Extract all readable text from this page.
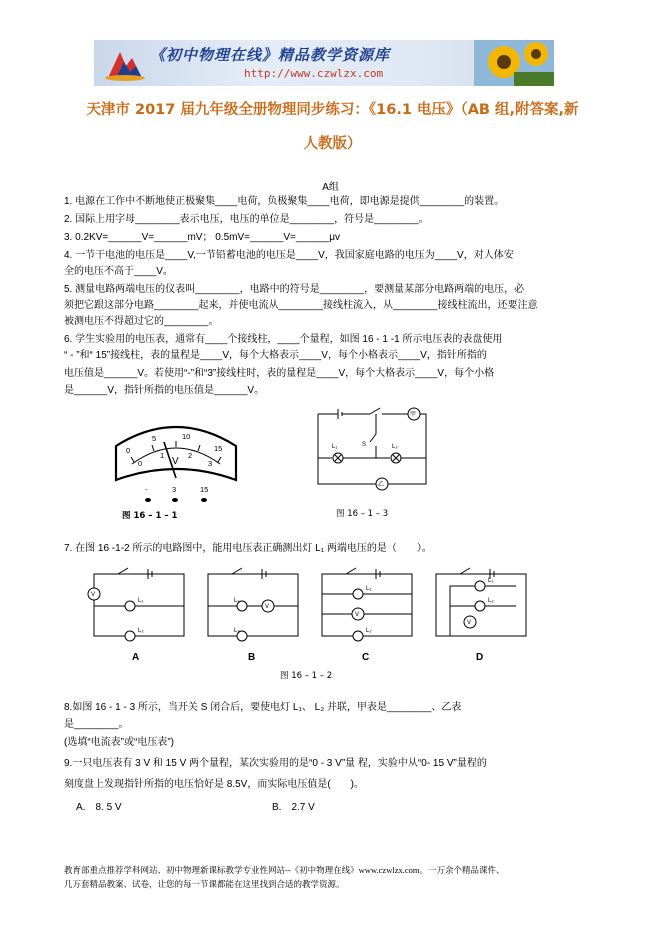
《初中物理在线》精品教学资源库
http://www.czwlzx.com
天津市 2017 届九年级全册物理同步练习：《16.1 电压》（AB 组,附答案,新
人教版）
A组
1. 电源在工作中不断地使正极聚集____电荷，负极聚集____电荷，即电源是提供________的装置。
2. 国际上用字母________表示电压，电压的单位是________，符号是________。
3. 0.2KV=______V=______mV； 0.5mV=______V=______μv
4. 一节干电池的电压是____V,一节铅蓄电池的电压是____V，我国家庭电路的电压为____V，对人体安
全的电压不高于____V。
5. 测量电路两端电压的仪表叫________，电路中的符号是________，要测量某部分电路两端的电压，必
须把它跟这部分电路________起来，并使电流从________接线柱流入，从________接线柱流出，还要注意
被测电压不得超过它的________。
6. 学生实验用的电压表，通常有____个接线柱，____个量程，如图 16 - 1 -1 所示电压表的表盘使用
“ - ”和“ 15”接线柱，表的量程是____V，每个大格表示____V，每个小格表示____V，指针所指的
电压值是______V。若使用“-”和“3”接线柱时，表的量程是____V，每个大格表示____V，每个小格
是______V，指针所指的电压值是______V。
0
5	10
15
0
1	2
3
V
-	3	15
图 16 – 1 – 1
甲
乙
L₁	L₂
S
图 16 – 1 – 3
7. 在图 16 -1-2 所示的电路图中，能用电压表正确测出灯 L₁ 两端电压的是（　　）。
V
L₁
L₂
V
L₁
L₂
V
L₁
L₂
V
L₁
L₂
A	B	C	D
图 16 – 1 – 2
8.如图 16 - 1 - 3 所示，当开关 S 闭合后，要使电灯 L₁、 L₂ 并联，甲表是________、乙表
是________。
(选填“电流表”或“电压表”)
9.一只电压表有 3 V 和 15 V 两个量程，某次实验用的是“0 - 3 V”量 程，实验中从“0- 15 V”量程的
刻度盘上发现指针所指的电压恰好是 8.5V，而实际电压值是(　　)。
A.　8. 5 V	B.　2.7 V
教育部重点推荐学科网站、初中物理新课标教学专业性网站--《初中物理在线》www.czwlzx.com。一万余个精品课件、
几万套精品教案、试卷，让您的每一节课都能在这里找到合适的教学资源。
